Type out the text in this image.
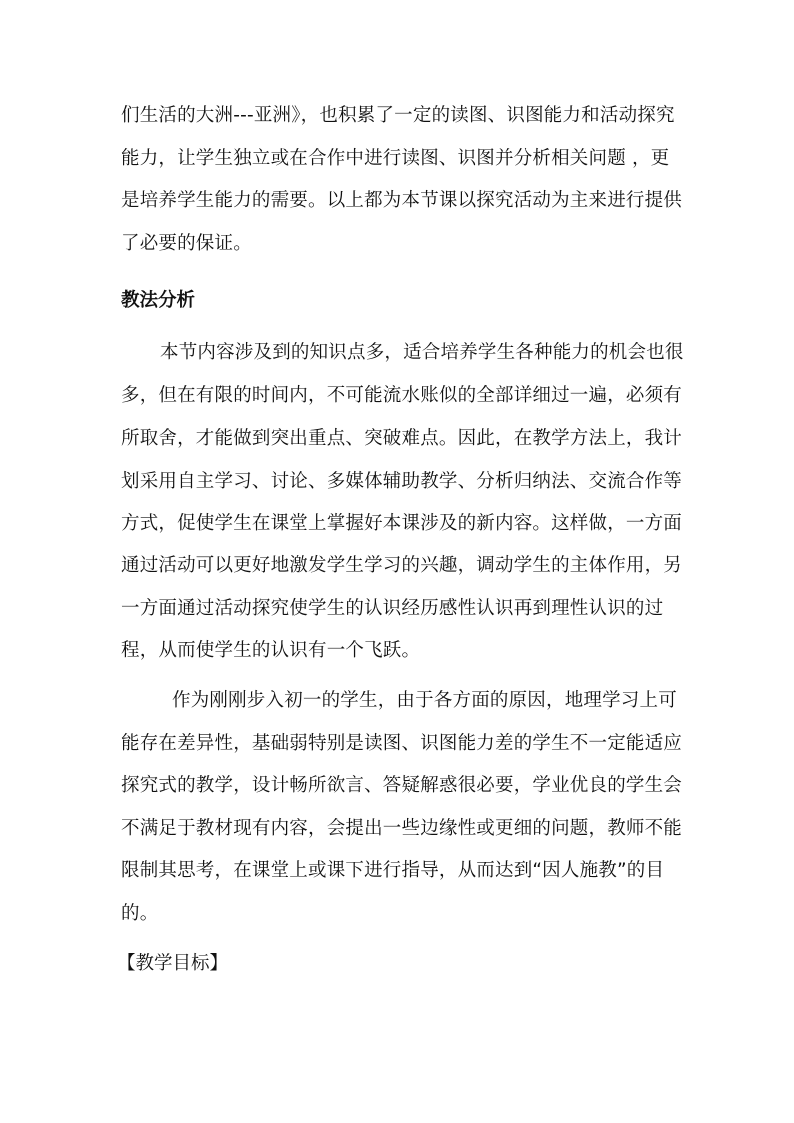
们生活的大洲---亚洲》，也积累了一定的读图、识图能力和活动探究
能力，让学生独立或在合作中进行读图、识图并分析相关问题 ，更
是培养学生能力的需要。以上都为本节课以探究活动为主来进行提供
了必要的保证。
教法分析
本节内容涉及到的知识点多，适合培养学生各种能力的机会也很
多，但在有限的时间内，不可能流水账似的全部详细过一遍，必须有
所取舍，才能做到突出重点、突破难点。因此，在教学方法上，我计
划采用自主学习、讨论、多媒体辅助教学、分析归纳法、交流合作等
方式，促使学生在课堂上掌握好本课涉及的新内容。这样做，一方面
通过活动可以更好地激发学生学习的兴趣，调动学生的主体作用，另
一方面通过活动探究使学生的认识经历感性认识再到理性认识的过
程，从而使学生的认识有一个飞跃。
作为刚刚步入初一的学生，由于各方面的原因，地理学习上可
能存在差异性，基础弱特别是读图、识图能力差的学生不一定能适应
探究式的教学，设计畅所欲言、答疑解惑很必要，学业优良的学生会
不满足于教材现有内容，会提出一些边缘性或更细的问题，教师不能
限制其思考，在课堂上或课下进行指导，从而达到“因人施教”的目
的。
【教学目标】
